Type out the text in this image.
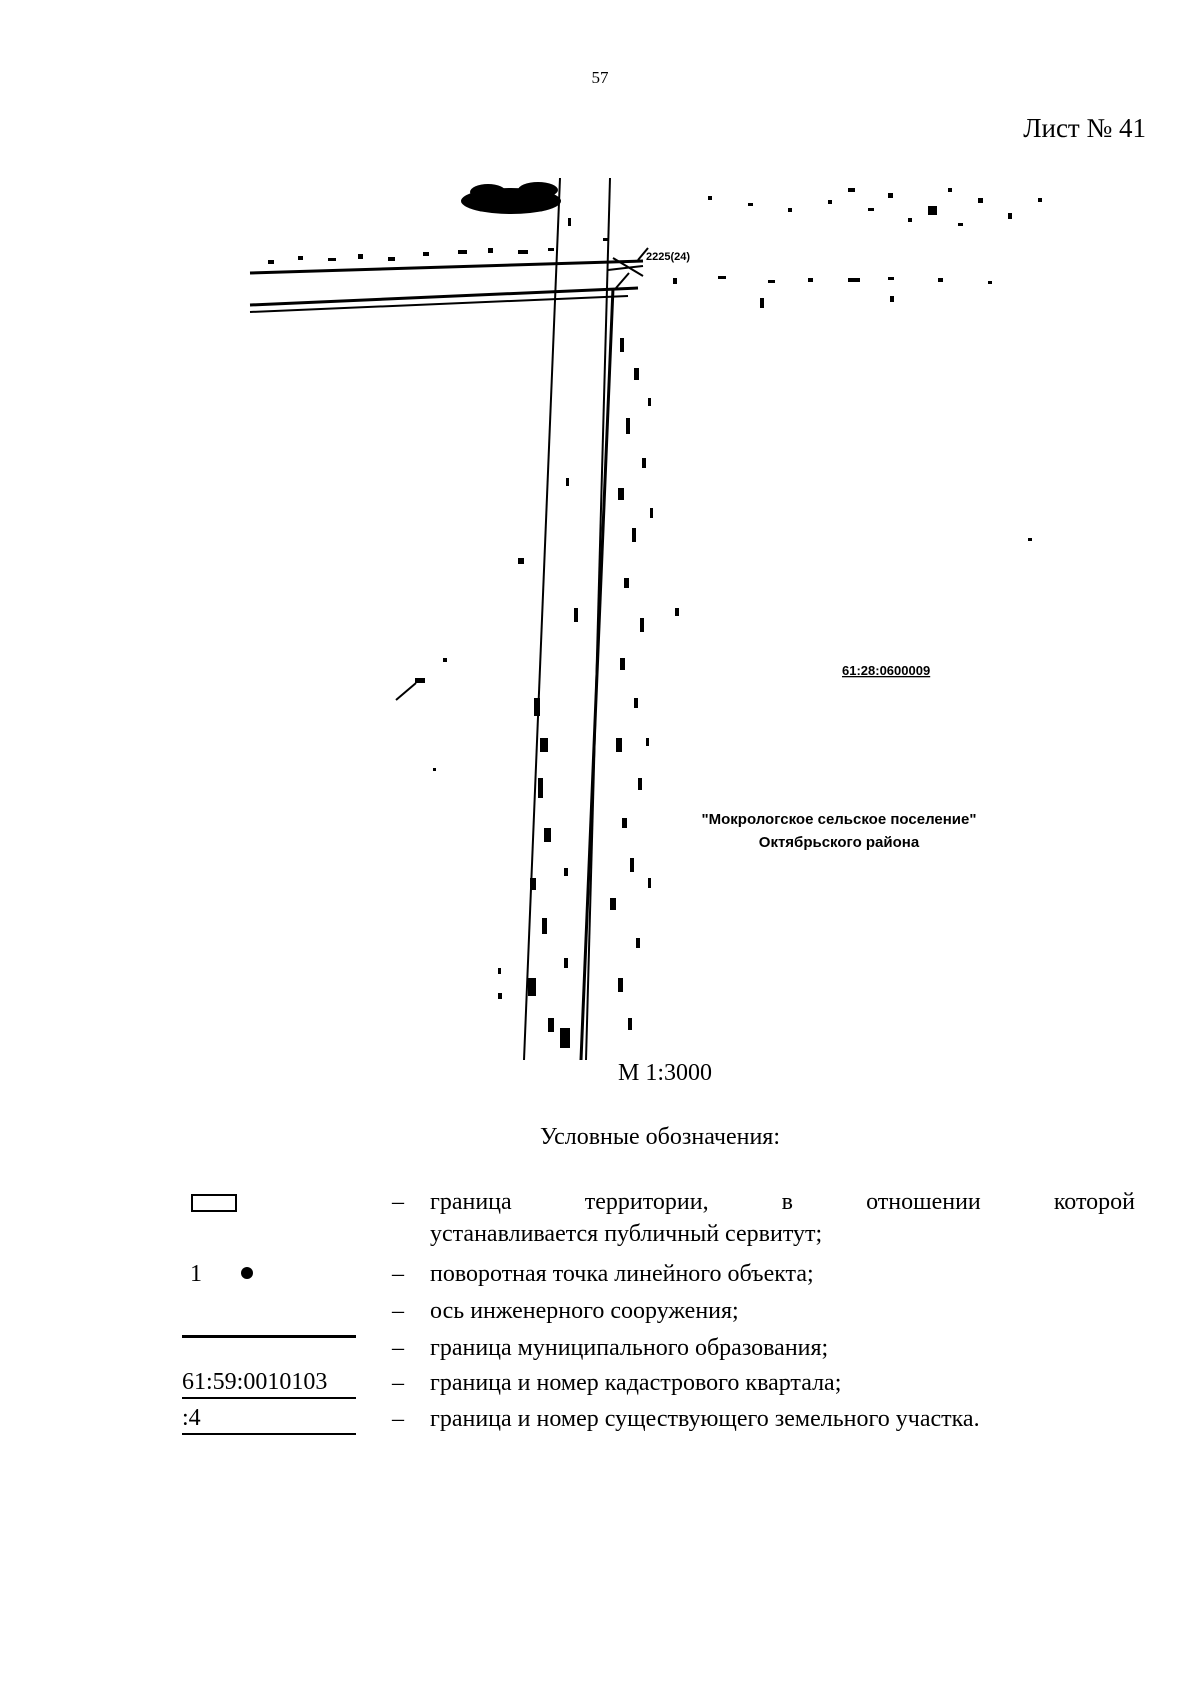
57
Лист № 41
2225(24)
61:28:0600009
"Мокрологское сельское поселение"
Октябрьского района
М 1:3000
Условные обозначения:
– граница территории, в отношении которой
устанавливается публичный сервитут;
1	– поворотная точка линейного объекта;
– ось инженерного сооружения;
– граница муниципального образования;
61:59:0010103	– граница и номер кадастрового квартала;
:4	– граница и номер существующего земельного участка.
